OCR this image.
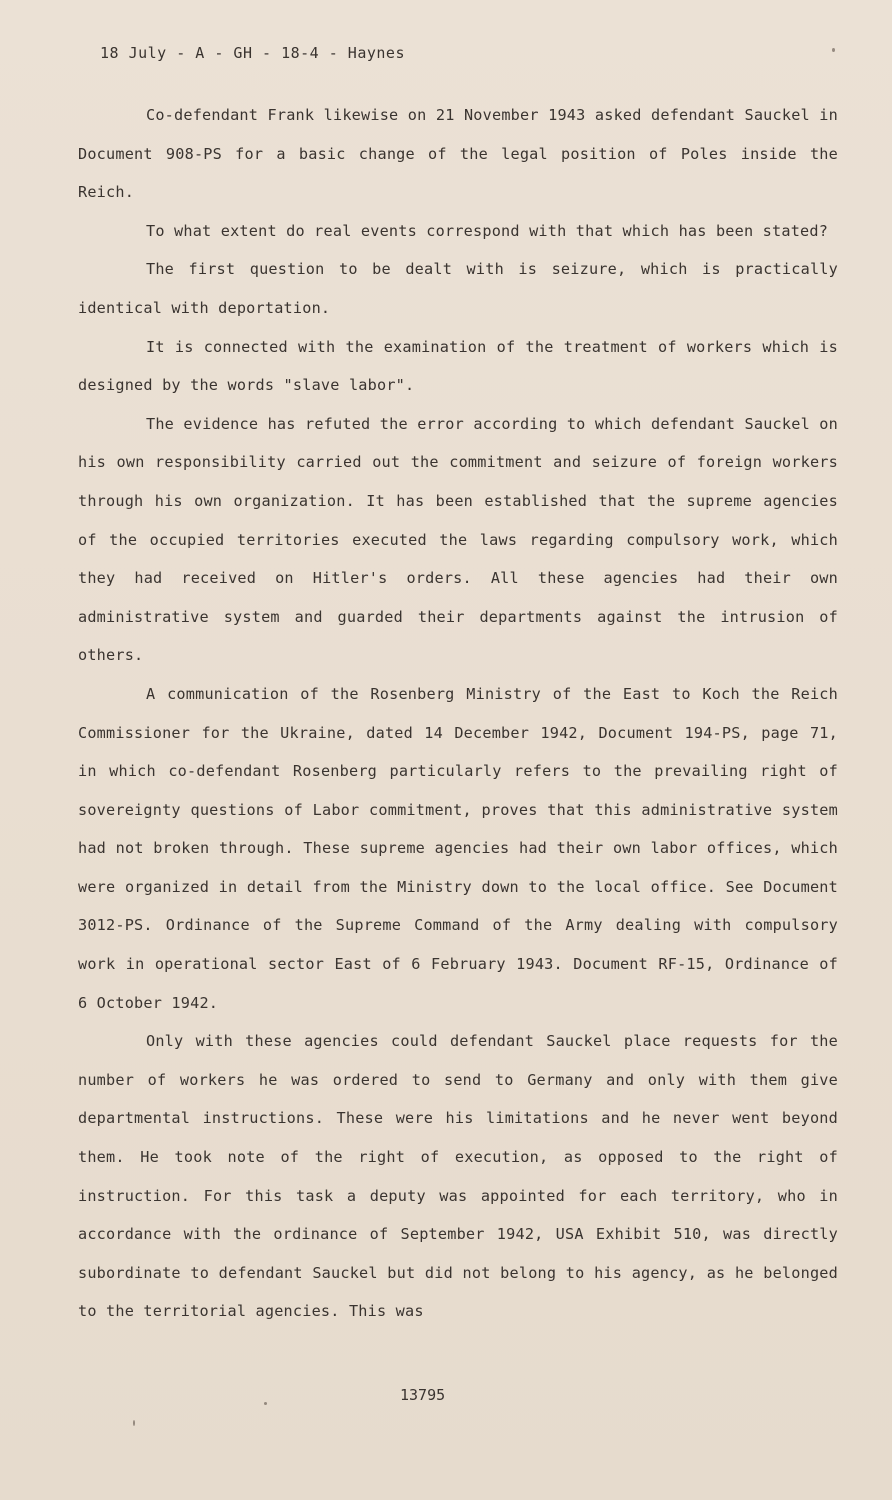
18 July - A - GH - 18-4 - Haynes

Co-defendant Frank likewise on 21 November 1943 asked defendant Sauckel in Document 908-PS for a basic change of the legal position of Poles inside the Reich.

To what extent do real events correspond with that which has been stated?

The first question to be dealt with is seizure, which is practically identical with deportation.

It is connected with the examination of the treatment of workers which is designed by the words "slave labor".

The evidence has refuted the error according to which defendant Sauckel on his own responsibility carried out the commitment and seizure of foreign workers through his own organization. It has been established that the supreme agencies of the occupied territories executed the laws regarding compulsory work, which they had received on Hitler's orders. All these agencies had their own administrative system and guarded their departments against the intrusion of others.

A communication of the Rosenberg Ministry of the East to Koch the Reich Commissioner for the Ukraine, dated 14 December 1942, Document 194-PS, page 71, in which co-defendant Rosenberg particularly refers to the prevailing right of sovereignty questions of Labor commitment, proves that this administrative system had not broken through. These supreme agencies had their own labor offices, which were organized in detail from the Ministry down to the local office. See Document 3012-PS. Ordinance of the Supreme Command of the Army dealing with compulsory work in operational sector East of 6 February 1943. Document RF-15, Ordinance of 6 October 1942.

Only with these agencies could defendant Sauckel place requests for the number of workers he was ordered to send to Germany and only with them give departmental instructions. These were his limitations and he never went beyond them. He took note of the right of execution, as opposed to the right of instruction. For this task a deputy was appointed for each territory, who in accordance with the ordinance of September 1942, USA Exhibit 510, was directly subordinate to defendant Sauckel but did not belong to his agency, as he belonged to the territorial agencies. This was

13795
